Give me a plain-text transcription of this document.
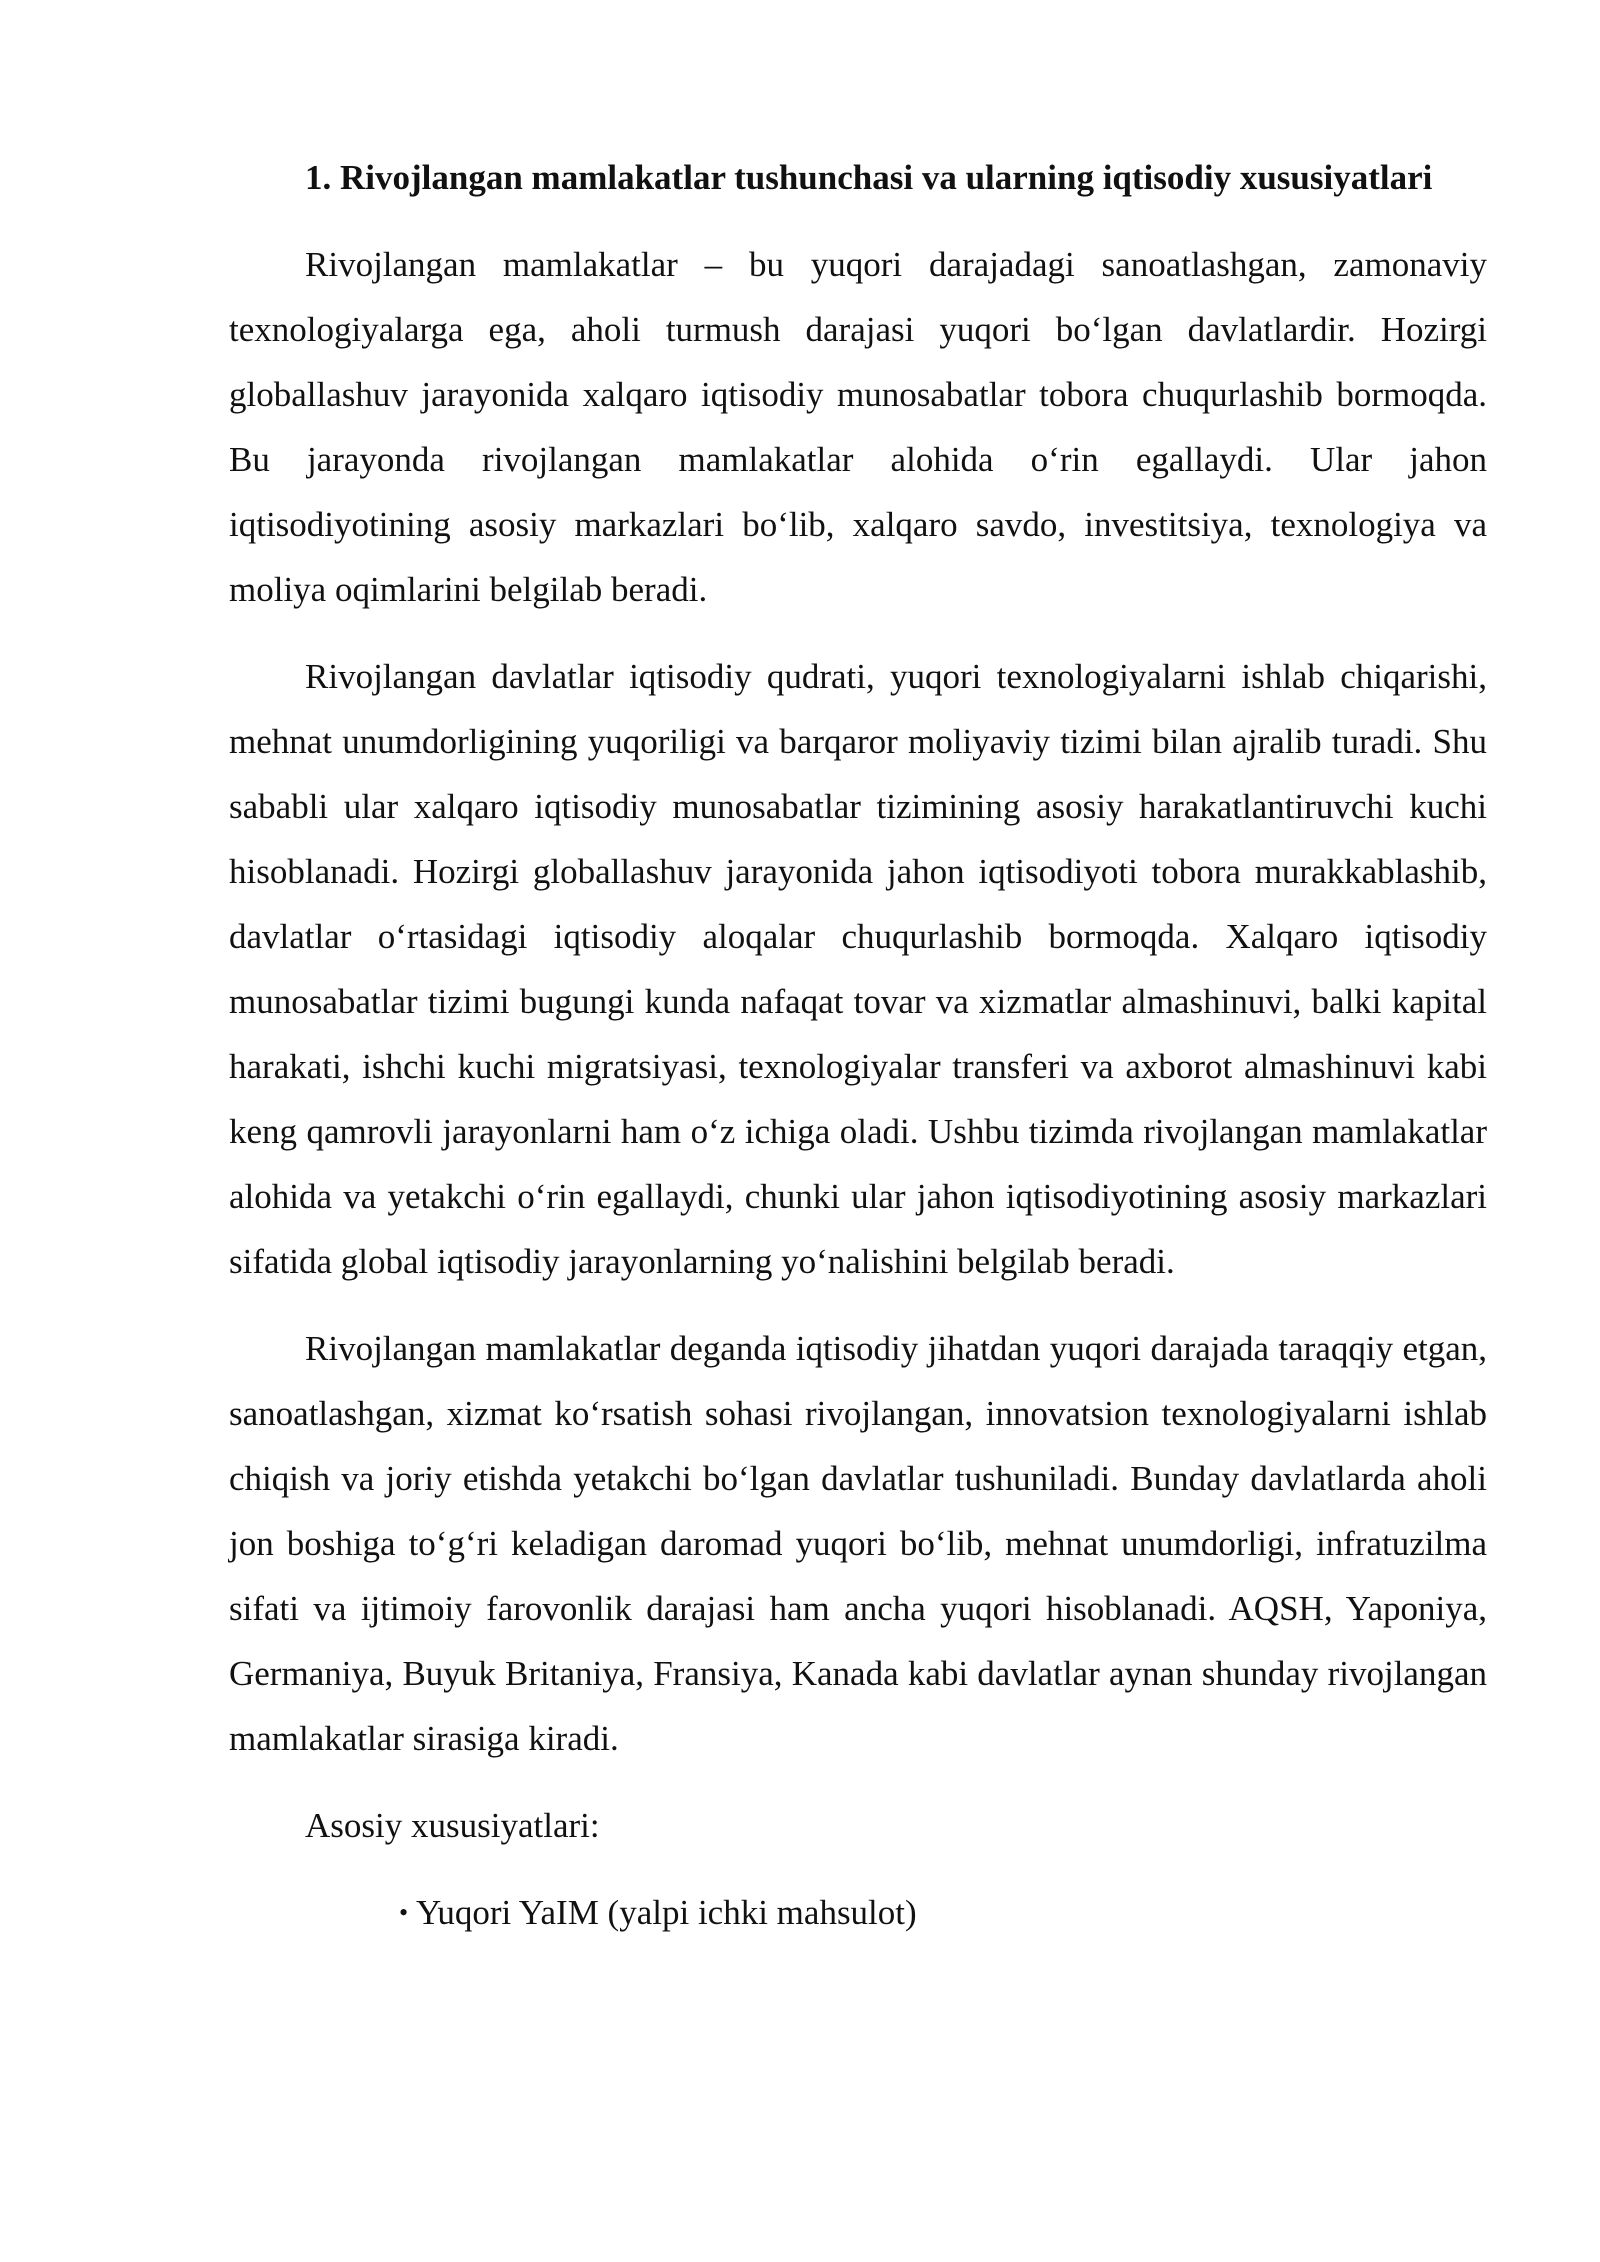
1. Rivojlangan mamlakatlar tushunchasi va ularning iqtisodiy xususiyatlari

Rivojlangan mamlakatlar – bu yuqori darajadagi sanoatlashgan, zamonaviy texnologiyalarga ega, aholi turmush darajasi yuqori bo‘lgan davlatlardir. Hozirgi globallashuv jarayonida xalqaro iqtisodiy munosabatlar tobora chuqurlashib bormoqda. Bu jarayonda rivojlangan mamlakatlar alohida o‘rin egallaydi. Ular jahon iqtisodiyotining asosiy markazlari bo‘lib, xalqaro savdo, investitsiya, texnologiya va moliya oqimlarini belgilab beradi.

Rivojlangan davlatlar iqtisodiy qudrati, yuqori texnologiyalarni ishlab chiqarishi, mehnat unumdorligining yuqoriligi va barqaror moliyaviy tizimi bilan ajralib turadi. Shu sababli ular xalqaro iqtisodiy munosabatlar tizimining asosiy harakatlantiruvchi kuchi hisoblanadi. Hozirgi globallashuv jarayonida jahon iqtisodiyoti tobora murakkablashib, davlatlar o‘rtasidagi iqtisodiy aloqalar chuqurlashib bormoqda. Xalqaro iqtisodiy munosabatlar tizimi bugungi kunda nafaqat tovar va xizmatlar almashinuvi, balki kapital harakati, ishchi kuchi migratsiyasi, texnologiyalar transferi va axborot almashinuvi kabi keng qamrovli jarayonlarni ham o‘z ichiga oladi. Ushbu tizimda rivojlangan mamlakatlar alohida va yetakchi o‘rin egallaydi, chunki ular jahon iqtisodiyotining asosiy markazlari sifatida global iqtisodiy jarayonlarning yo‘nalishini belgilab beradi.

Rivojlangan mamlakatlar deganda iqtisodiy jihatdan yuqori darajada taraqqiy etgan, sanoatlashgan, xizmat ko‘rsatish sohasi rivojlangan, innovatsion texnologiyalarni ishlab chiqish va joriy etishda yetakchi bo‘lgan davlatlar tushuniladi. Bunday davlatlarda aholi jon boshiga to‘g‘ri keladigan daromad yuqori bo‘lib, mehnat unumdorligi, infratuzilma sifati va ijtimoiy farovonlik darajasi ham ancha yuqori hisoblanadi. AQSH, Yaponiya, Germaniya, Buyuk Britaniya, Fransiya, Kanada kabi davlatlar aynan shunday rivojlangan mamlakatlar sirasiga kiradi.

Asosiy xususiyatlari:

• Yuqori YaIM (yalpi ichki mahsulot)
